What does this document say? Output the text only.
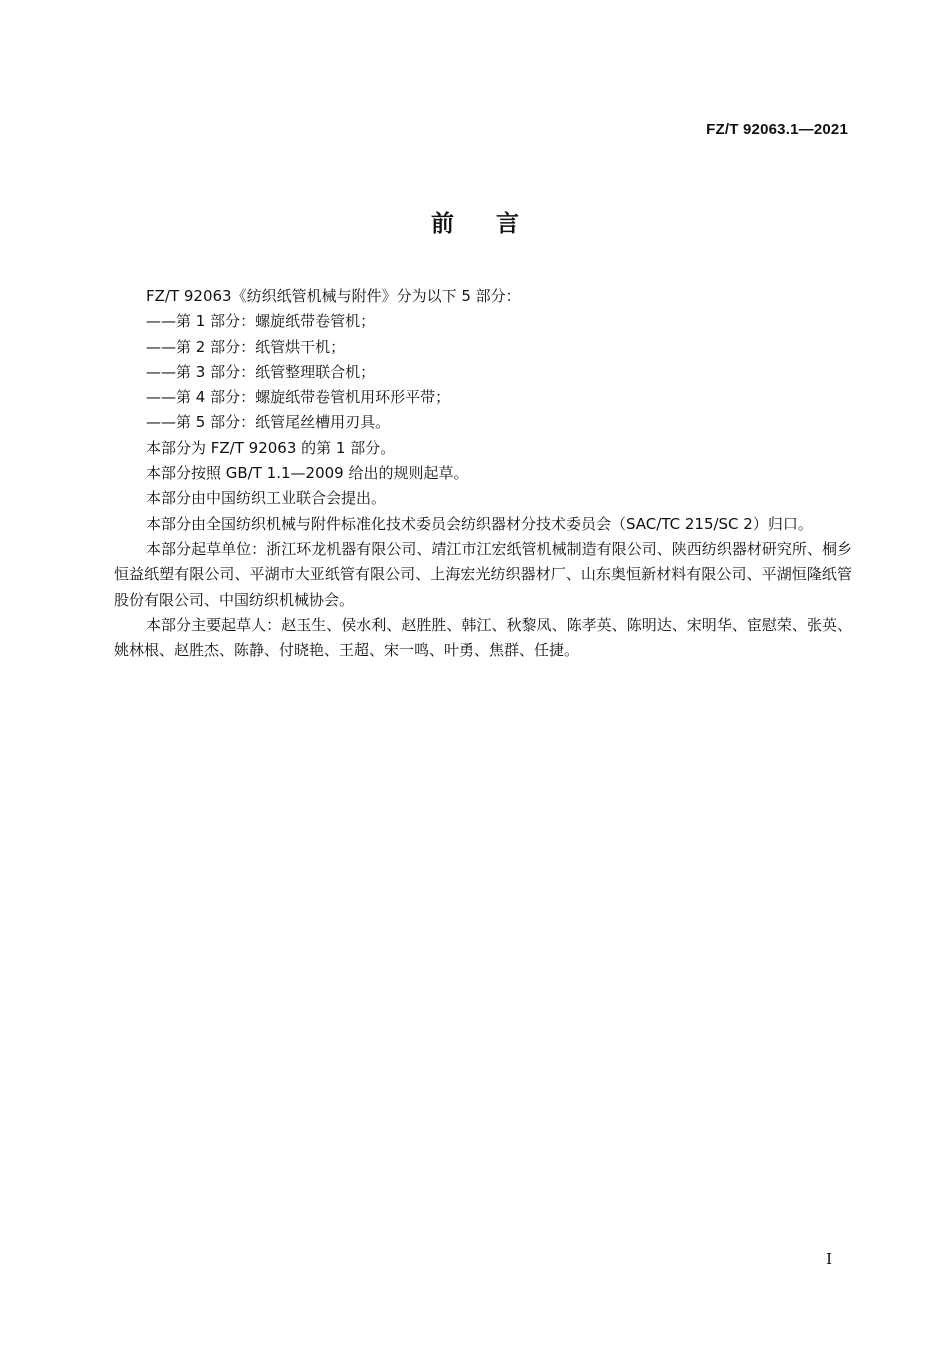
FZ/T 92063.1—2021
前言
FZ/T 92063《纺织纸管机械与附件》分为以下 5 部分：
——第 1 部分：螺旋纸带卷管机；
——第 2 部分：纸管烘干机；
——第 3 部分：纸管整理联合机；
——第 4 部分：螺旋纸带卷管机用环形平带；
——第 5 部分：纸管尾丝槽用刃具。
本部分为 FZ/T 92063 的第 1 部分。
本部分按照 GB/T 1.1—2009 给出的规则起草。
本部分由中国纺织工业联合会提出。
本部分由全国纺织机械与附件标准化技术委员会纺织器材分技术委员会（SAC/TC 215/SC 2）归口。
本部分起草单位：浙江环龙机器有限公司、靖江市江宏纸管机械制造有限公司、陕西纺织器材研究所、桐乡恒益纸塑有限公司、平湖市大亚纸管有限公司、上海宏光纺织器材厂、山东奥恒新材料有限公司、平湖恒隆纸管股份有限公司、中国纺织机械协会。
本部分主要起草人：赵玉生、侯水利、赵胜胜、韩江、秋黎凤、陈孝英、陈明达、宋明华、宦慰荣、张英、姚林根、赵胜杰、陈静、付晓艳、王超、宋一鸣、叶勇、焦群、任捷。
I
